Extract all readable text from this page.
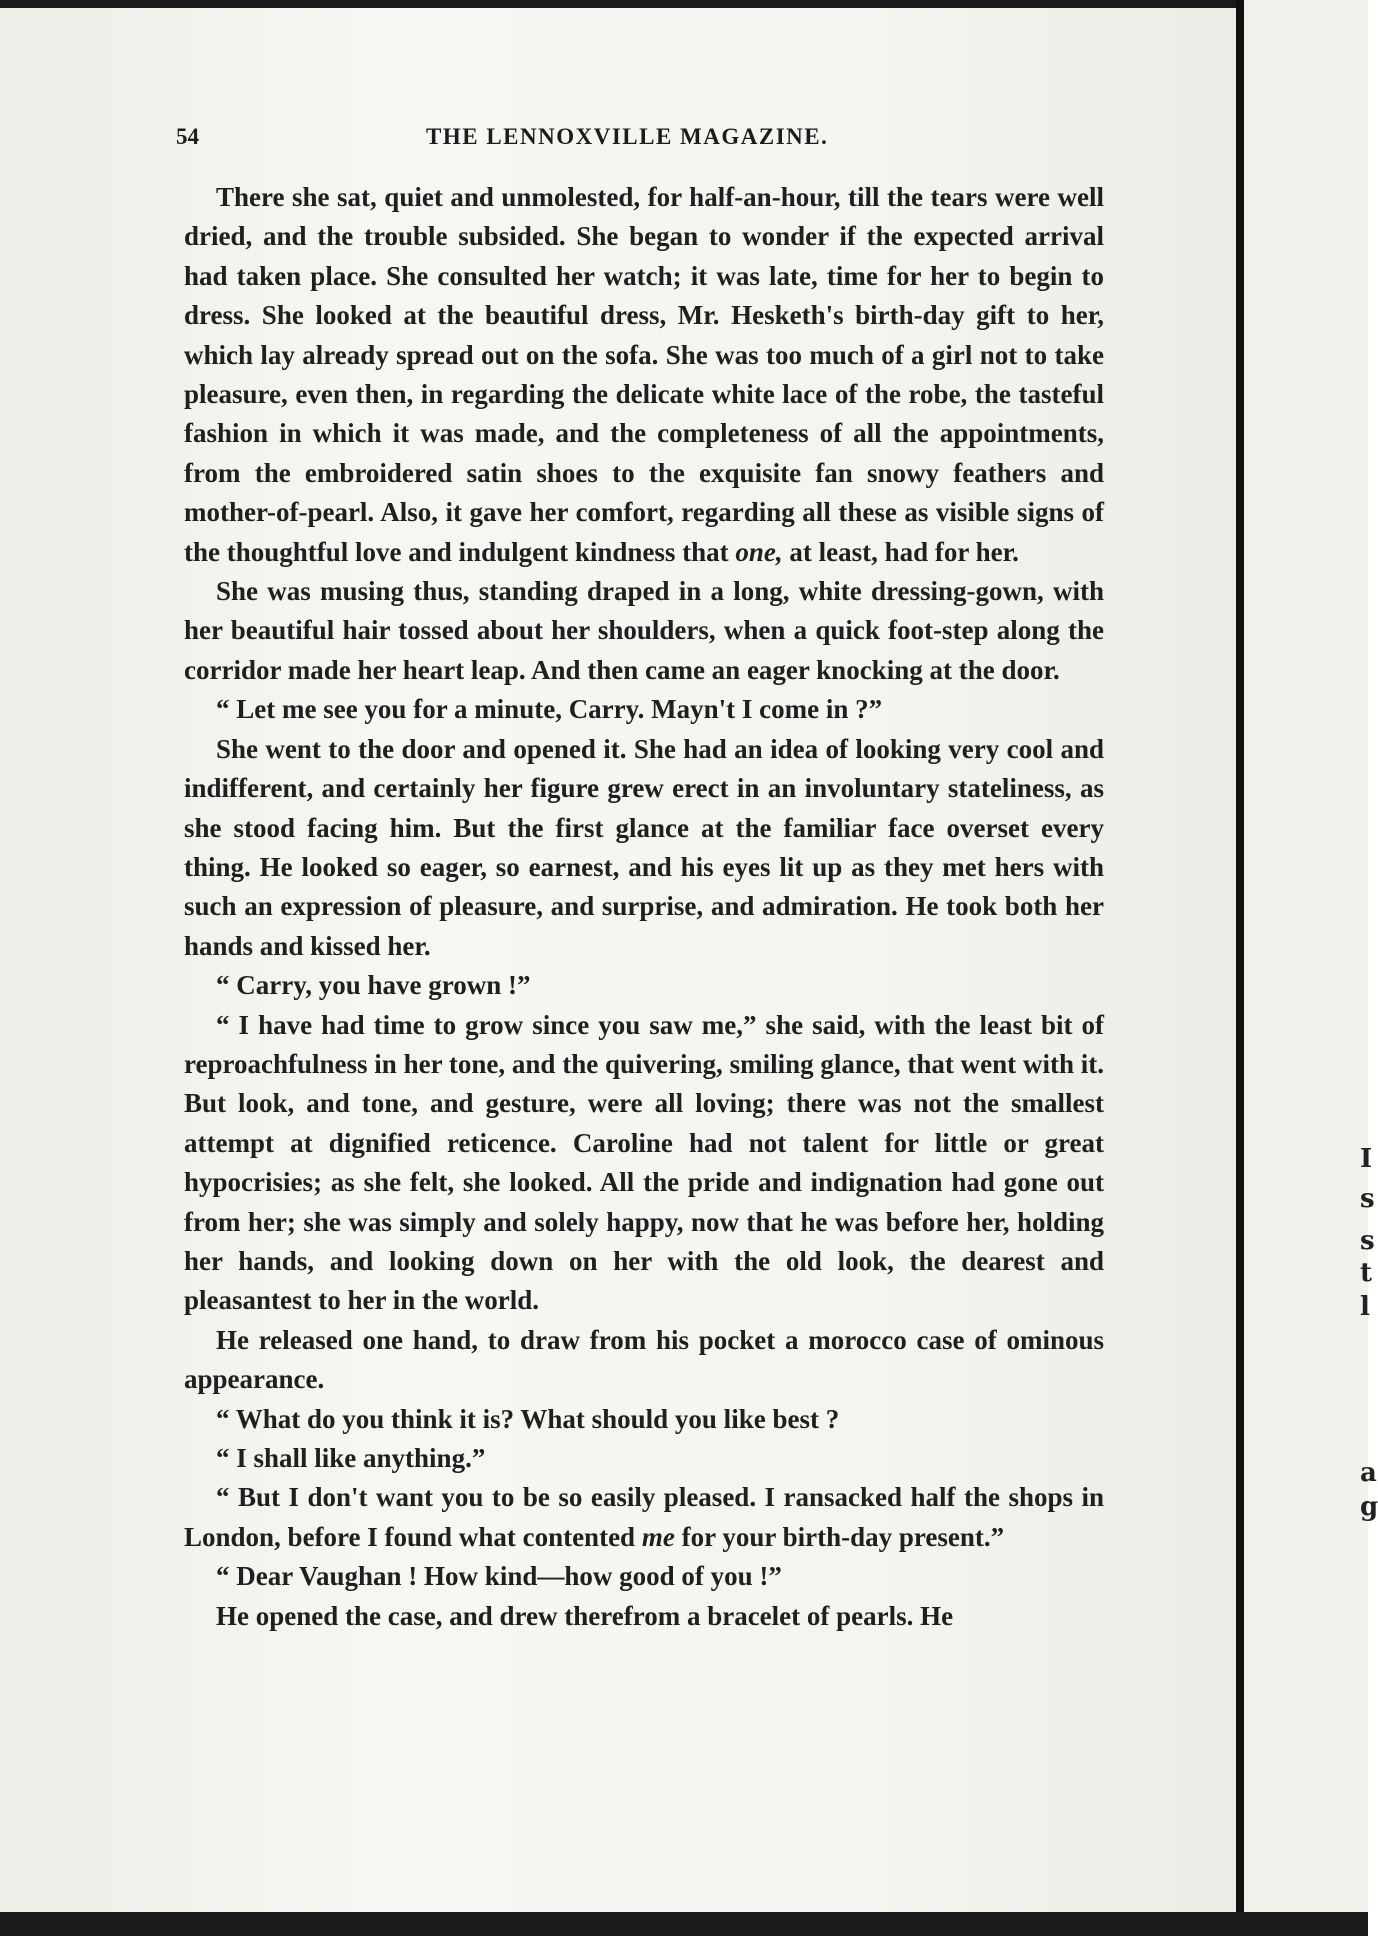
I
s
s
t
l
a
g
54	THE LENNOXVILLE MAGAZINE.

There she sat, quiet and unmolested, for half-an-hour, till the tears were well dried, and the trouble subsided. She began to wonder if the expected arrival had taken place. She consulted her watch; it was late, time for her to begin to dress. She looked at the beautiful dress, Mr. Hesketh's birth-day gift to her, which lay already spread out on the sofa. She was too much of a girl not to take pleasure, even then, in regarding the delicate white lace of the robe, the tasteful fashion in which it was made, and the completeness of all the appointments, from the embroidered satin shoes to the exquisite fan snowy feathers and mother-of-pearl. Also, it gave her comfort, regarding all these as visible signs of the thoughtful love and indulgent kindness that one, at least, had for her.

She was musing thus, standing draped in a long, white dressing-gown, with her beautiful hair tossed about her shoulders, when a quick foot-step along the corridor made her heart leap. And then came an eager knocking at the door.

“ Let me see you for a minute, Carry. Mayn't I come in ?”

She went to the door and opened it. She had an idea of looking very cool and indifferent, and certainly her figure grew erect in an involuntary stateliness, as she stood facing him. But the first glance at the familiar face overset every thing. He looked so eager, so earnest, and his eyes lit up as they met hers with such an expression of pleasure, and surprise, and admiration. He took both her hands and kissed her.

“ Carry, you have grown !”

“ I have had time to grow since you saw me,” she said, with the least bit of reproachfulness in her tone, and the quivering, smiling glance, that went with it. But look, and tone, and gesture, were all loving; there was not the smallest attempt at dignified reticence. Caroline had not talent for little or great hypocrisies; as she felt, she looked. All the pride and indignation had gone out from her; she was simply and solely happy, now that he was before her, holding her hands, and looking down on her with the old look, the dearest and pleasantest to her in the world.

He released one hand, to draw from his pocket a morocco case of ominous appearance.

“ What do you think it is? What should you like best ?

“ I shall like anything.”

“ But I don't want you to be so easily pleased. I ransacked half the shops in London, before I found what contented me for your birth-day present.”

“ Dear Vaughan ! How kind—how good of you !”

He opened the case, and drew therefrom a bracelet of pearls. He
